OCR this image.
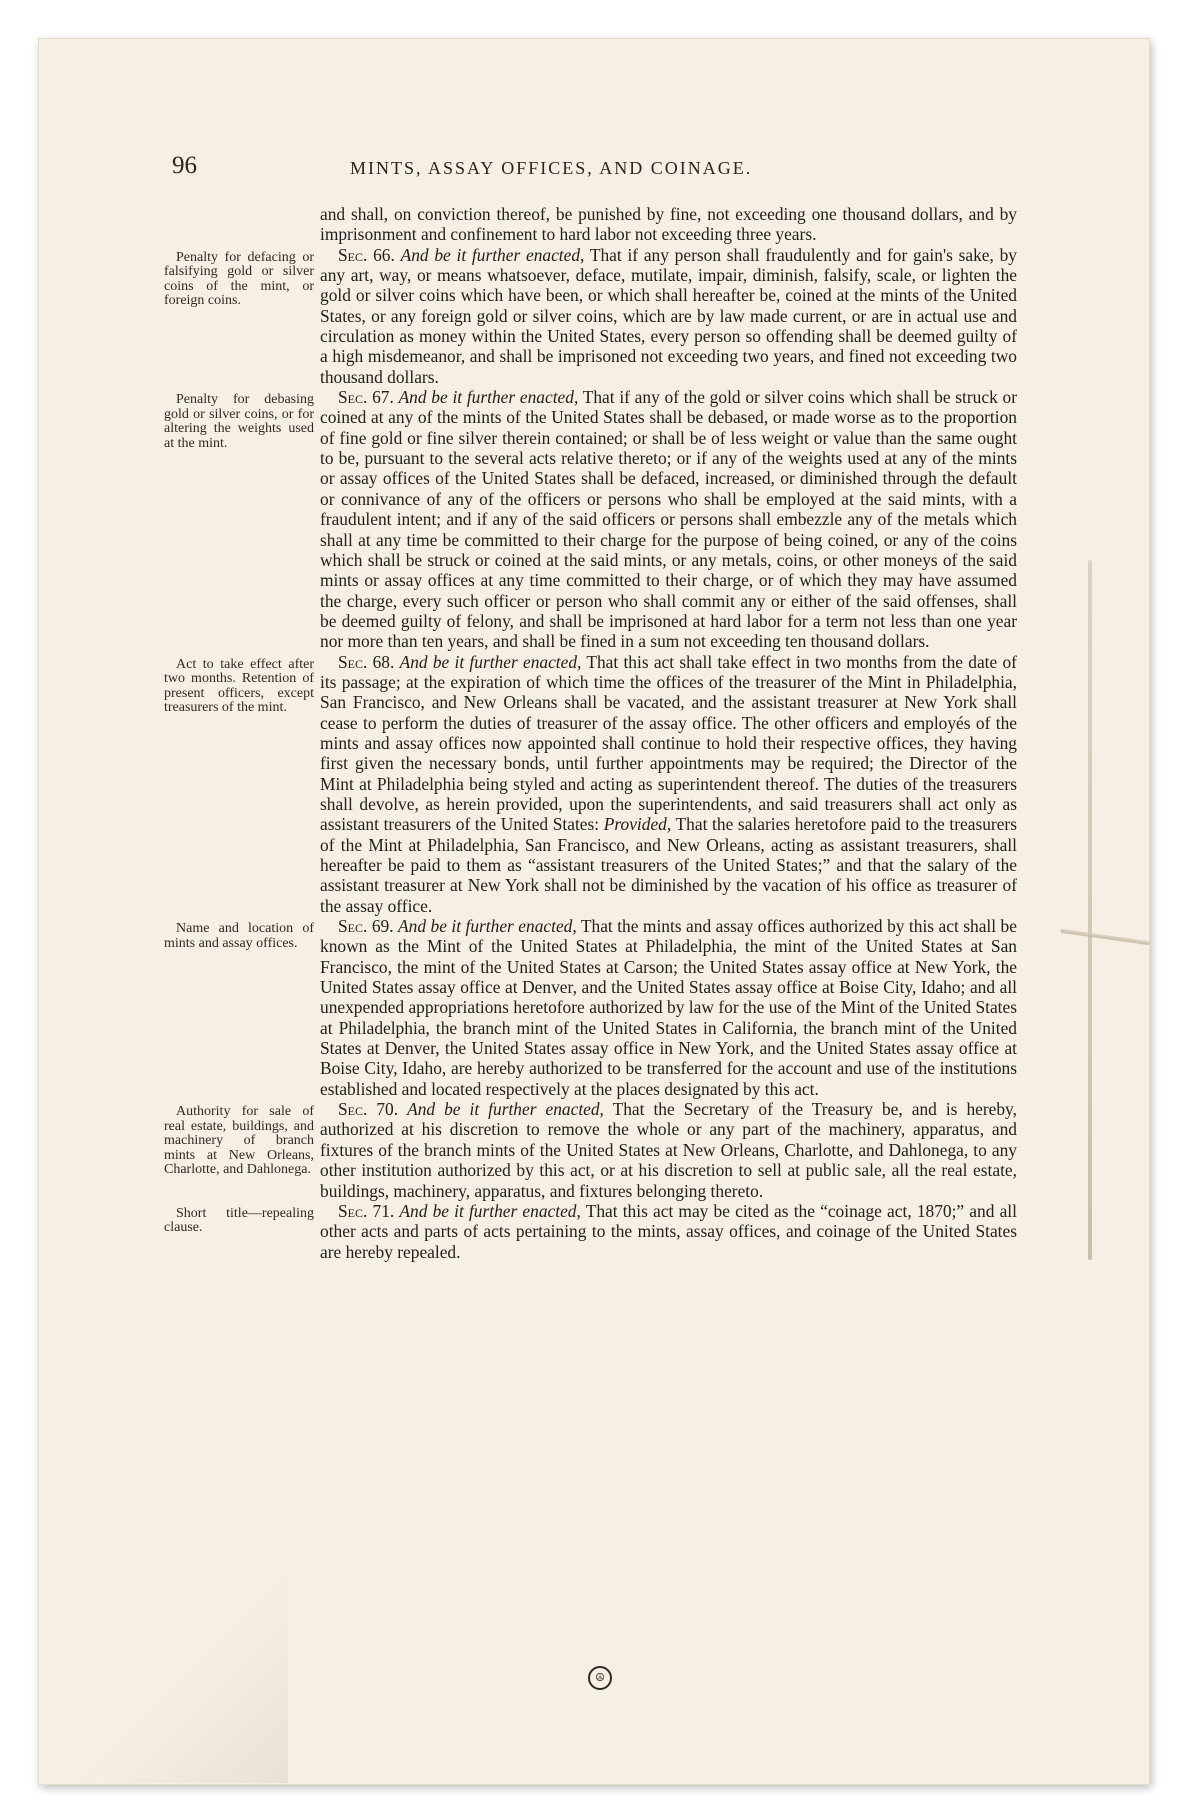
96	MINTS, ASSAY OFFICES, AND COINAGE.

and shall, on conviction thereof, be punished by fine, not exceeding one thousand dollars, and by imprisonment and confinement to hard labor not exceeding three years.

Penalty for defacing or falsifying gold or silver coins of the mint, or foreign coins.

Sec. 66. And be it further enacted, That if any person shall fraudulently and for gain's sake, by any art, way, or means whatsoever, deface, mutilate, impair, diminish, falsify, scale, or lighten the gold or silver coins which have been, or which shall hereafter be, coined at the mints of the United States, or any foreign gold or silver coins, which are by law made current, or are in actual use and circulation as money within the United States, every person so offending shall be deemed guilty of a high misdemeanor, and shall be imprisoned not exceeding two years, and fined not exceeding two thousand dollars.

Penalty for debasing gold or silver coins, or for altering the weights used at the mint.

Sec. 67. And be it further enacted, That if any of the gold or silver coins which shall be struck or coined at any of the mints of the United States shall be debased, or made worse as to the proportion of fine gold or fine silver therein contained; or shall be of less weight or value than the same ought to be, pursuant to the several acts relative thereto; or if any of the weights used at any of the mints or assay offices of the United States shall be defaced, increased, or diminished through the default or connivance of any of the officers or persons who shall be employed at the said mints, with a fraudulent intent; and if any of the said officers or persons shall embezzle any of the metals which shall at any time be committed to their charge for the purpose of being coined, or any of the coins which shall be struck or coined at the said mints, or any metals, coins, or other moneys of the said mints or assay offices at any time committed to their charge, or of which they may have assumed the charge, every such officer or person who shall commit any or either of the said offenses, shall be deemed guilty of felony, and shall be imprisoned at hard labor for a term not less than one year nor more than ten years, and shall be fined in a sum not exceeding ten thousand dollars.

Act to take effect after two months. Retention of present officers, except treasurers of the mint.

Sec. 68. And be it further enacted, That this act shall take effect in two months from the date of its passage; at the expiration of which time the offices of the treasurer of the Mint in Philadelphia, San Francisco, and New Orleans shall be vacated, and the assistant treasurer at New York shall cease to perform the duties of treasurer of the assay office. The other officers and employés of the mints and assay offices now appointed shall continue to hold their respective offices, they having first given the necessary bonds, until further appointments may be required; the Director of the Mint at Philadelphia being styled and acting as superintendent thereof. The duties of the treasurers shall devolve, as herein provided, upon the superintendents, and said treasurers shall act only as assistant treasurers of the United States: Provided, That the salaries heretofore paid to the treasurers of the Mint at Philadelphia, San Francisco, and New Orleans, acting as assistant treasurers, shall hereafter be paid to them as “assistant treasurers of the United States;” and that the salary of the assistant treasurer at New York shall not be diminished by the vacation of his office as treasurer of the assay office.

Name and location of mints and assay offices.

Sec. 69. And be it further enacted, That the mints and assay offices authorized by this act shall be known as the Mint of the United States at Philadelphia, the mint of the United States at San Francisco, the mint of the United States at Carson; the United States assay office at New York, the United States assay office at Denver, and the United States assay office at Boise City, Idaho; and all unexpended appropriations heretofore authorized by law for the use of the Mint of the United States at Philadelphia, the branch mint of the United States in California, the branch mint of the United States at Denver, the United States assay office in New York, and the United States assay office at Boise City, Idaho, are hereby authorized to be transferred for the account and use of the institutions established and located respectively at the places designated by this act.

Authority for sale of real estate, buildings, and machinery of branch mints at New Orleans, Charlotte, and Dahlonega.

Sec. 70. And be it further enacted, That the Secretary of the Treasury be, and is hereby, authorized at his discretion to remove the whole or any part of the machinery, apparatus, and fixtures of the branch mints of the United States at New Orleans, Charlotte, and Dahlonega, to any other institution authorized by this act, or at his discretion to sell at public sale, all the real estate, buildings, machinery, apparatus, and fixtures belonging thereto.

Short title—repealing clause.

Sec. 71. And be it further enacted, That this act may be cited as the “coinage act, 1870;” and all other acts and parts of acts pertaining to the mints, assay offices, and coinage of the United States are hereby repealed.

☮
